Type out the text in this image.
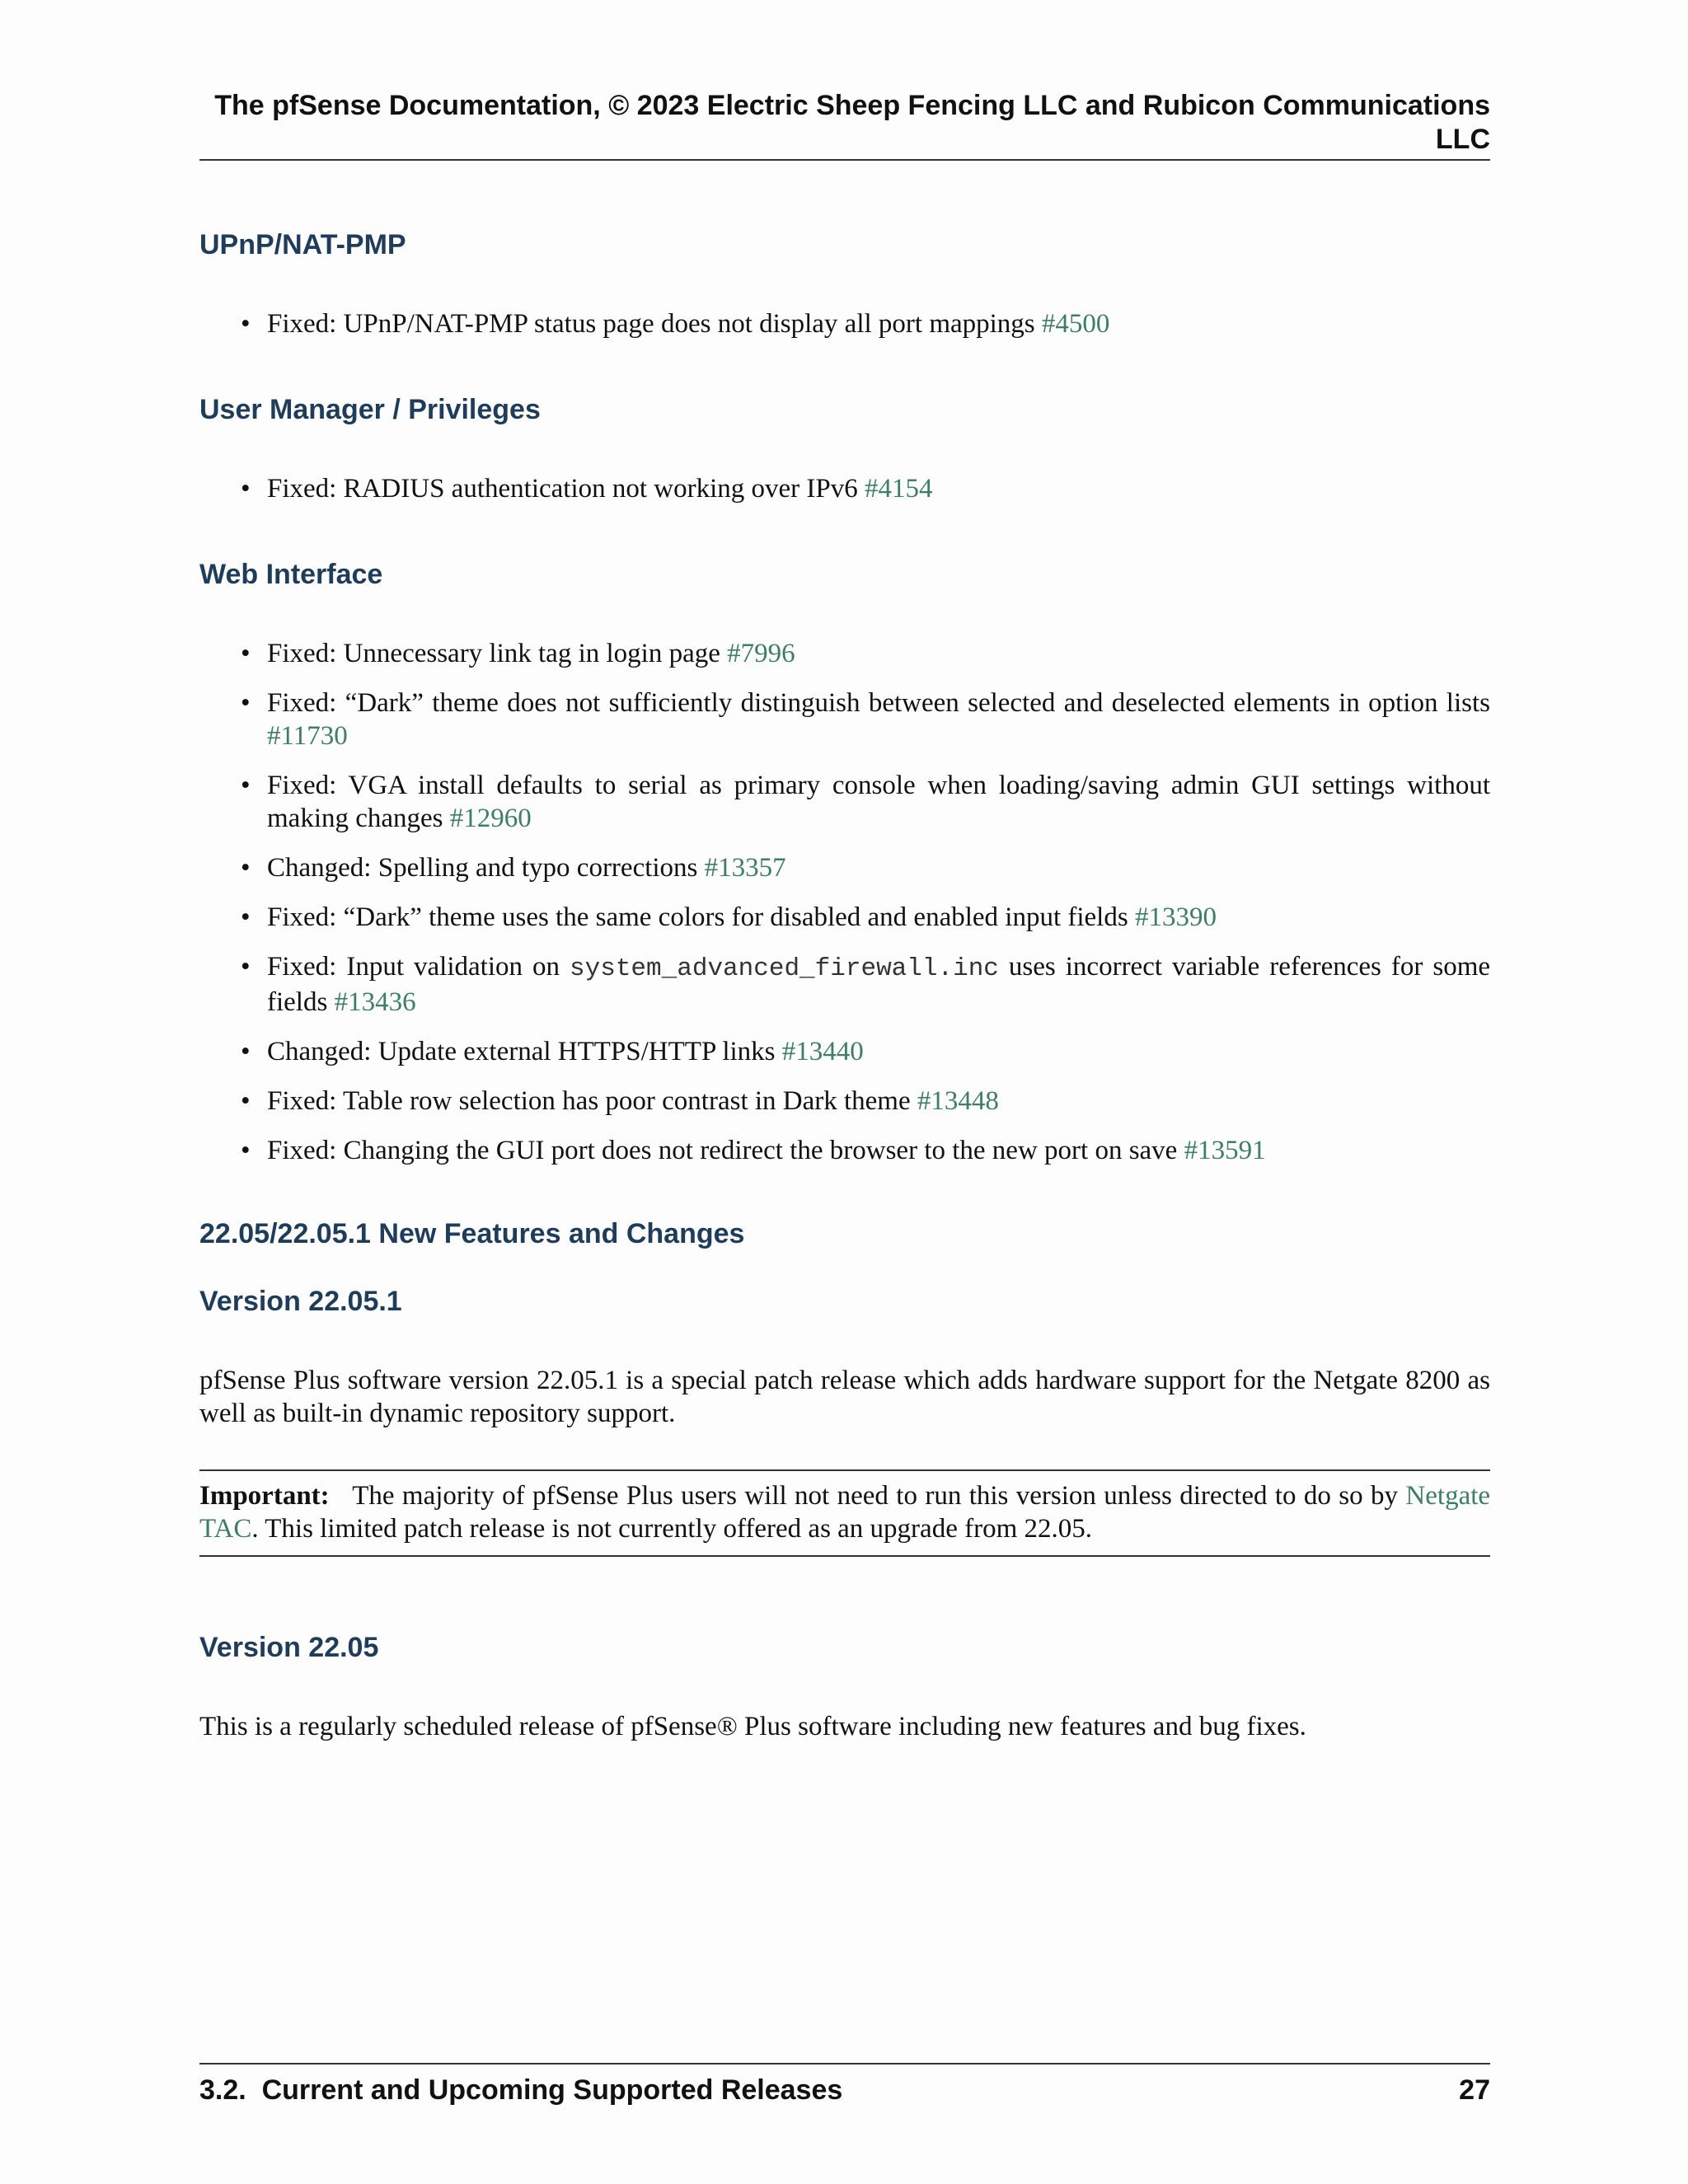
The pfSense Documentation, © 2023 Electric Sheep Fencing LLC and Rubicon Communications LLC
UPnP/NAT-PMP
• Fixed: UPnP/NAT-PMP status page does not display all port mappings #4500
User Manager / Privileges
• Fixed: RADIUS authentication not working over IPv6 #4154
Web Interface
• Fixed: Unnecessary link tag in login page #7996
• Fixed: “Dark” theme does not sufficiently distinguish between selected and deselected elements in option lists #11730
• Fixed: VGA install defaults to serial as primary console when loading/saving admin GUI settings without making changes #12960
• Changed: Spelling and typo corrections #13357
• Fixed: “Dark” theme uses the same colors for disabled and enabled input fields #13390
• Fixed: Input validation on system_advanced_firewall.inc uses incorrect variable references for some fields #13436
• Changed: Update external HTTPS/HTTP links #13440
• Fixed: Table row selection has poor contrast in Dark theme #13448
• Fixed: Changing the GUI port does not redirect the browser to the new port on save #13591
22.05/22.05.1 New Features and Changes
Version 22.05.1

pfSense Plus software version 22.05.1 is a special patch release which adds hardware support for the Netgate 8200 as well as built-in dynamic repository support.

Important: The majority of pfSense Plus users will not need to run this version unless directed to do so by Netgate TAC. This limited patch release is not currently offered as an upgrade from 22.05.

Version 22.05

This is a regularly scheduled release of pfSense® Plus software including new features and bug fixes.

3.2.  Current and Upcoming Supported Releases	27
